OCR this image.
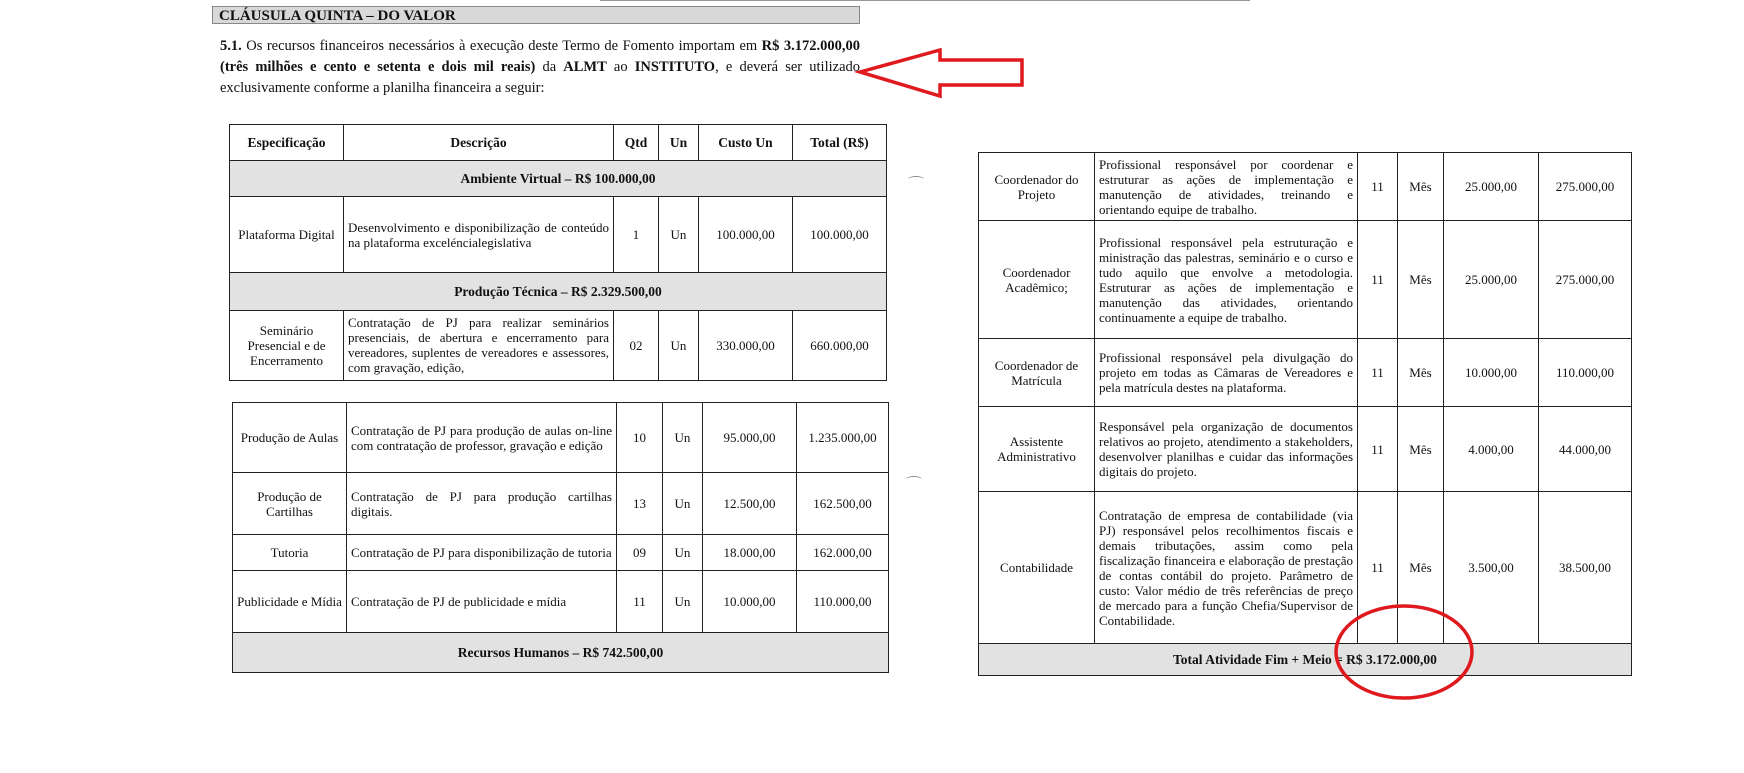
CLÁUSULA QUINTA – DO VALOR
5.1. Os recursos financeiros necessários à execução deste Termo de Fomento importam em R$ 3.172.000,00 (três milhões e cento e setenta e dois mil reais) da ALMT ao INSTITUTO, e deverá ser utilizado exclusivamente conforme a planilha financeira a seguir:
Especificação	Descrição	Qtd	Un	Custo Un	Total (R$)
Ambiente Virtual – R$ 100.000,00					
Plataforma Digital	Desenvolvimento e disponibilização de conteúdo na plataforma exceléncialegislativa	1	Un	100.000,00	100.000,00
Produção Técnica – R$ 2.329.500,00					
Seminário Presencial e de Encerramento	Contratação de PJ para realizar seminários presenciais, de abertura e encerramento para vereadores, suplentes de vereadores e assessores, com gravação, edição,	02	Un	330.000,00	660.000,00
Produção de Aulas	Contratação de PJ para produção de aulas on-line com contratação de professor, gravação e edição	10	Un	95.000,00	1.235.000,00
Produção de Cartilhas	Contratação de PJ para produção cartilhas digitais.	13	Un	12.500,00	162.500,00
Tutoria	Contratação de PJ para disponibilização de tutoria	09	Un	18.000,00	162.000,00
Publicidade e Mídia	Contratação de PJ de publicidade e mídia	11	Un	10.000,00	110.000,00
Recursos Humanos – R$ 742.500,00					
Coordenador do Projeto	Profissional responsável por coordenar e estruturar as ações de implementação e manutenção de atividades, treinando e orientando equipe de trabalho.	11	Mês	25.000,00	275.000,00
Coordenador Acadêmico;	Profissional responsável pela estruturação e ministração das palestras, seminário e o curso e tudo aquilo que envolve a metodologia. Estruturar as ações de implementação e manutenção das atividades, orientando continuamente a equipe de trabalho.	11	Mês	25.000,00	275.000,00
Coordenador de Matrícula	Profissional responsável pela divulgação do projeto em todas as Câmaras de Vereadores e pela matrícula destes na plataforma.	11	Mês	10.000,00	110.000,00
Assistente Administrativo	Responsável pela organização de documentos relativos ao projeto, atendimento a stakeholders, desenvolver planilhas e cuidar das informações digitais do projeto.	11	Mês	4.000,00	44.000,00
Contabilidade	Contratação de empresa de contabilidade (via PJ) responsável pelos recolhimentos fiscais e demais tributações, assim como pela fiscalização financeira e elaboração de prestação de contas contábil do projeto. Parâmetro de custo: Valor médio de três referências de preço de mercado para a função Chefia/Supervisor de Contabilidade.	11	Mês	3.500,00	38.500,00
Total Atividade Fim + Meio = R$ 3.172.000,00					
